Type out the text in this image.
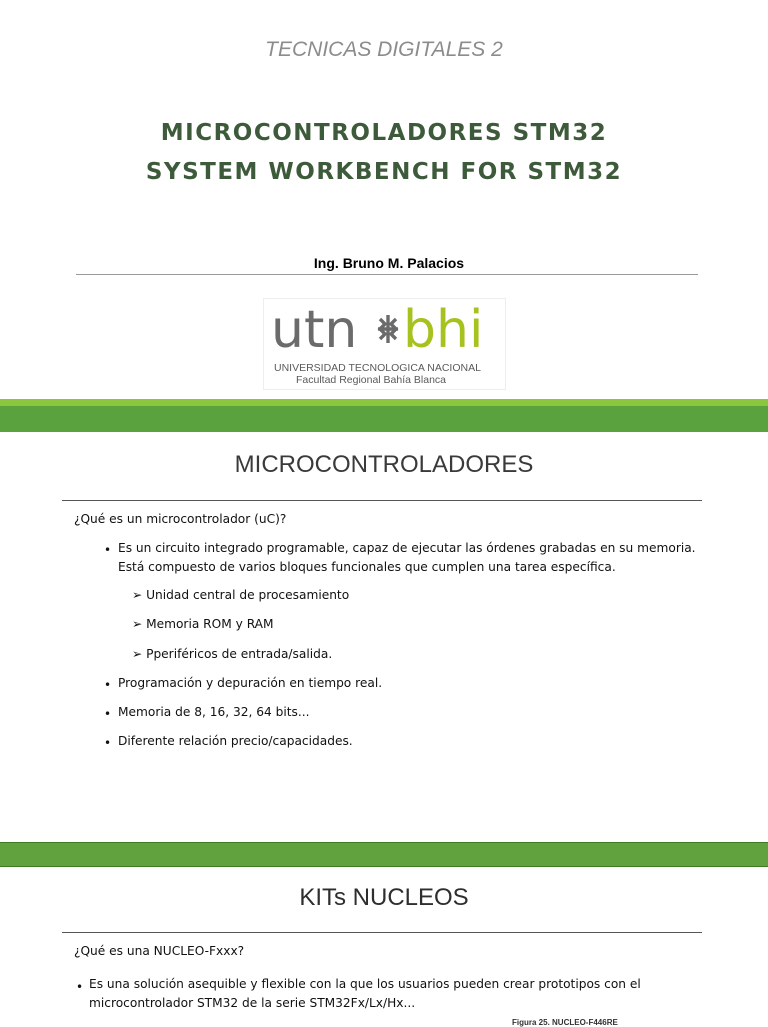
TECNICAS DIGITALES 2
MICROCONTROLADORES STM32
SYSTEM WORKBENCH FOR STM32
Ing. Bruno M. Palacios
utn bhi
UNIVERSIDAD TECNOLOGICA NACIONAL
Facultad Regional Bahía Blanca
MICROCONTROLADORES
¿Qué es un microcontrolador (uC)?
• Es un circuito integrado programable, capaz de ejecutar las órdenes grabadas en su memoria. Está compuesto de varios bloques funcionales que cumplen una tarea específica.
➢ Unidad central de procesamiento
➢ Memoria ROM y RAM
➢ Pperiféricos de entrada/salida.
• Programación y depuración en tiempo real.
• Memoria de 8, 16, 32, 64 bits...
• Diferente relación precio/capacidades.
KITs NUCLEOS
¿Qué es una NUCLEO-Fxxx?
• Es una solución asequible y flexible con la que los usuarios pueden crear prototipos con el microcontrolador STM32 de la serie STM32Fx/Lx/Hx...
Figura 25. NUCLEO-F446RE
